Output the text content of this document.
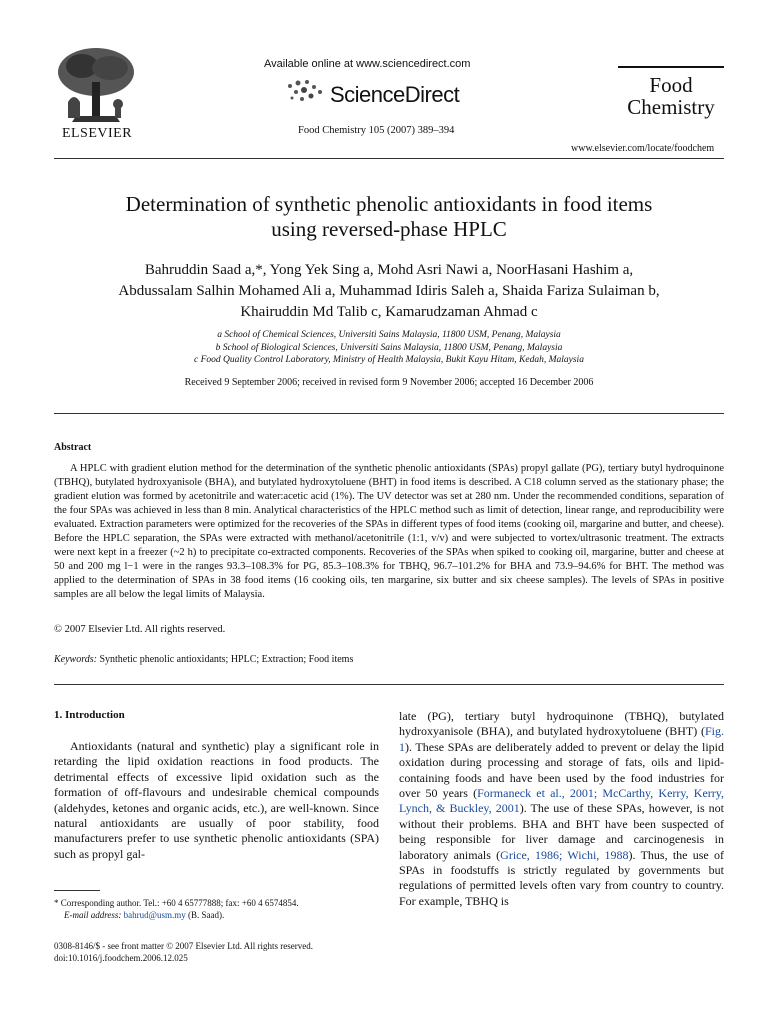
ELSEVIER
Available online at www.sciencedirect.com
ScienceDirect
Food Chemistry 105 (2007) 389–394
Food
Chemistry
www.elsevier.com/locate/foodchem
Determination of synthetic phenolic antioxidants in food items
using reversed-phase HPLC
Bahruddin Saad a,*, Yong Yek Sing a, Mohd Asri Nawi a, NoorHasani Hashim a,
Abdussalam Salhin Mohamed Ali a, Muhammad Idiris Saleh a, Shaida Fariza Sulaiman b,
Khairuddin Md Talib c, Kamarudzaman Ahmad c
a School of Chemical Sciences, Universiti Sains Malaysia, 11800 USM, Penang, Malaysia
b School of Biological Sciences, Universiti Sains Malaysia, 11800 USM, Penang, Malaysia
c Food Quality Control Laboratory, Ministry of Health Malaysia, Bukit Kayu Hitam, Kedah, Malaysia
Received 9 September 2006; received in revised form 9 November 2006; accepted 16 December 2006
Abstract
A HPLC with gradient elution method for the determination of the synthetic phenolic antioxidants (SPAs) propyl gallate (PG), tertiary butyl hydroquinone (TBHQ), butylated hydroxyanisole (BHA), and butylated hydroxytoluene (BHT) in food items is described. A C18 column served as the stationary phase; the gradient elution was formed by acetonitrile and water:acetic acid (1%). The UV detector was set at 280 nm. Under the recommended conditions, separation of the four SPAs was achieved in less than 8 min. Analytical characteristics of the HPLC method such as limit of detection, linear range, and reproducibility were evaluated. Extraction parameters were optimized for the recoveries of the SPAs in different types of food items (cooking oil, margarine and butter, and cheese). Before the HPLC separation, the SPAs were extracted with methanol/acetonitrile (1:1, v/v) and were subjected to vortex/ultrasonic treatment. The extracts were next kept in a freezer (~2 h) to precipitate co-extracted components. Recoveries of the SPAs when spiked to cooking oil, margarine, butter and cheese at 50 and 200 mg l−1 were in the ranges 93.3–108.3% for PG, 85.3–108.3% for TBHQ, 96.7–101.2% for BHA and 73.9–94.6% for BHT. The method was applied to the determination of SPAs in 38 food items (16 cooking oils, ten margarine, six butter and six cheese samples). The levels of SPAs in positive samples are all below the legal limits of Malaysia.
© 2007 Elsevier Ltd. All rights reserved.
Keywords: Synthetic phenolic antioxidants; HPLC; Extraction; Food items
1. Introduction
Antioxidants (natural and synthetic) play a significant role in retarding the lipid oxidation reactions in food products. The detrimental effects of excessive lipid oxidation such as the formation of off-flavours and undesirable chemical compounds (aldehydes, ketones and organic acids, etc.), are well-known. Since natural antioxidants are usually of poor stability, food manufacturers prefer to use synthetic phenolic antioxidants (SPA) such as propyl gal-
late (PG), tertiary butyl hydroquinone (TBHQ), butylated hydroxyanisole (BHA), and butylated hydroxytoluene (BHT) (Fig. 1). These SPAs are deliberately added to prevent or delay the lipid oxidation during processing and storage of fats, oils and lipid-containing foods and have been used by the food industries for over 50 years (Formaneck et al., 2001; McCarthy, Kerry, Kerry, Lynch, & Buckley, 2001). The use of these SPAs, however, is not without their problems. BHA and BHT have been suspected of being responsible for liver damage and carcinogenesis in laboratory animals (Grice, 1986; Wichi, 1988). Thus, the use of SPAs in foodstuffs is strictly regulated by governments but regulations of permitted levels often vary from country to country. For example, TBHQ is
* Corresponding author. Tel.: +60 4 65777888; fax: +60 4 6574854.
E-mail address: bahrud@usm.my (B. Saad).
0308-8146/$ - see front matter © 2007 Elsevier Ltd. All rights reserved.
doi:10.1016/j.foodchem.2006.12.025
